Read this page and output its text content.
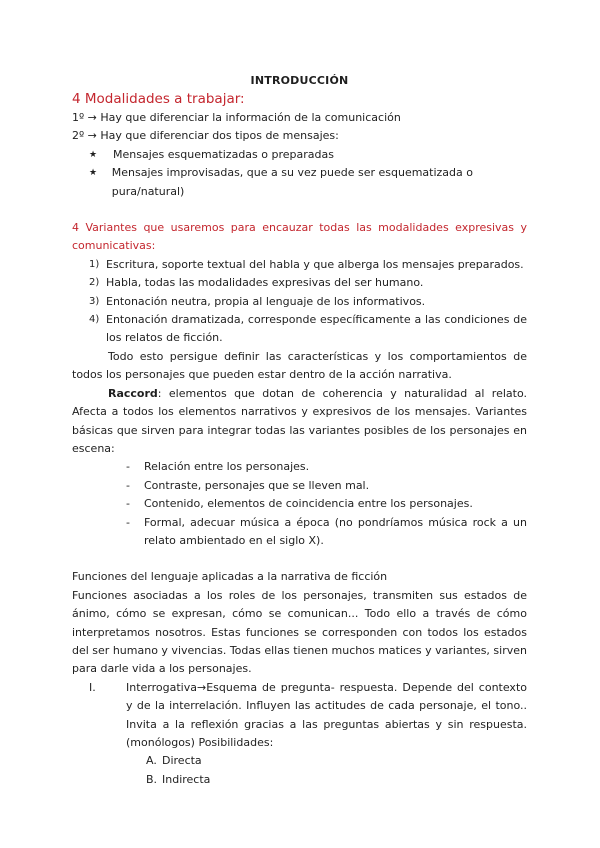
INTRODUCCIÓN

4 Modalidades a trabajar:

1º → Hay que diferenciar la información de la comunicación

2º → Hay que diferenciar dos tipos de mensajes:

★	Mensajes esquematizadas o preparadas
★	Mensajes improvisadas, que a su vez puede ser esquematizada o pura/natural)

4 Variantes que usaremos para encauzar todas las modalidades expresivas y comunicativas:

1) Escritura, soporte textual del habla y que alberga los mensajes preparados.
2) Habla, todas las modalidades expresivas del ser humano.
3) Entonación neutra, propia al lenguaje de los informativos.
4) Entonación dramatizada, corresponde específicamente a las condiciones de los relatos de ficción.

Todo esto persigue definir las características y los comportamientos de todos los personajes que pueden estar dentro de la acción narrativa.

Raccord: elementos que dotan de coherencia y naturalidad al relato. Afecta a todos los elementos narrativos y expresivos de los mensajes. Variantes básicas que sirven para integrar todas las variantes posibles de los personajes en escena:

-	Relación entre los personajes.
-	Contraste, personajes que se lleven mal.
-	Contenido, elementos de coincidencia entre los personajes.
-	Formal, adecuar música a época (no pondríamos música rock a un relato ambientado en el siglo X).

Funciones del lenguaje aplicadas a la narrativa de ficción

Funciones asociadas a los roles de los personajes, transmiten sus estados de ánimo, cómo se expresan, cómo se comunican... Todo ello a través de cómo interpretamos nosotros. Estas funciones se corresponden con todos los estados del ser humano y vivencias. Todas ellas tienen muchos matices y variantes, sirven para darle vida a los personajes.

I.	Interrogativa→Esquema de pregunta- respuesta. Depende del contexto y de la interrelación. Influyen las actitudes de cada personaje, el tono.. Invita a la reflexión gracias a las preguntas abiertas y sin respuesta. (monólogos) Posibilidades:
A. Directa
B. Indirecta
